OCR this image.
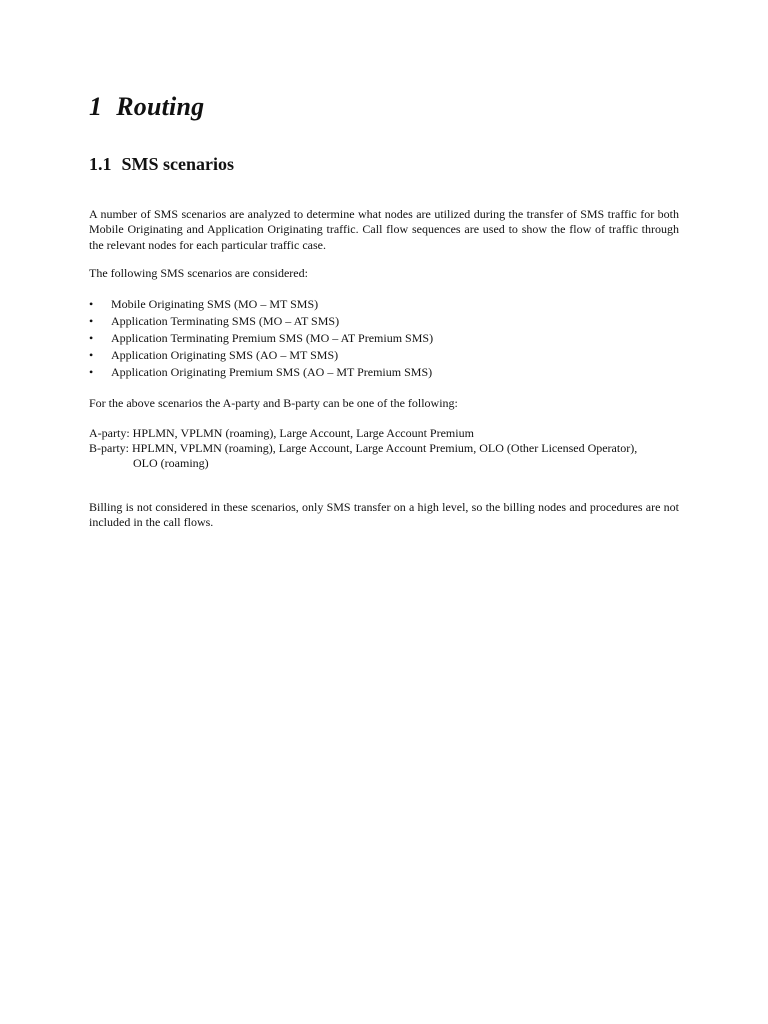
1 Routing
1.1 SMS scenarios

A number of SMS scenarios are analyzed to determine what nodes are utilized during the transfer of SMS traffic for both Mobile Originating and Application Originating traffic. Call flow sequences are used to show the flow of traffic through the relevant nodes for each particular traffic case.

The following SMS scenarios are considered:

• Mobile Originating SMS (MO – MT SMS)
• Application Terminating SMS (MO – AT SMS)
• Application Terminating Premium SMS (MO – AT Premium SMS)
• Application Originating SMS (AO – MT SMS)
• Application Originating Premium SMS (AO – MT Premium SMS)

For the above scenarios the A-party and B-party can be one of the following:

A-party: HPLMN, VPLMN (roaming), Large Account, Large Account Premium
B-party: HPLMN, VPLMN (roaming), Large Account, Large Account Premium, OLO (Other Licensed Operator),
OLO (roaming)

Billing is not considered in these scenarios, only SMS transfer on a high level, so the billing nodes and procedures are not included in the call flows.
